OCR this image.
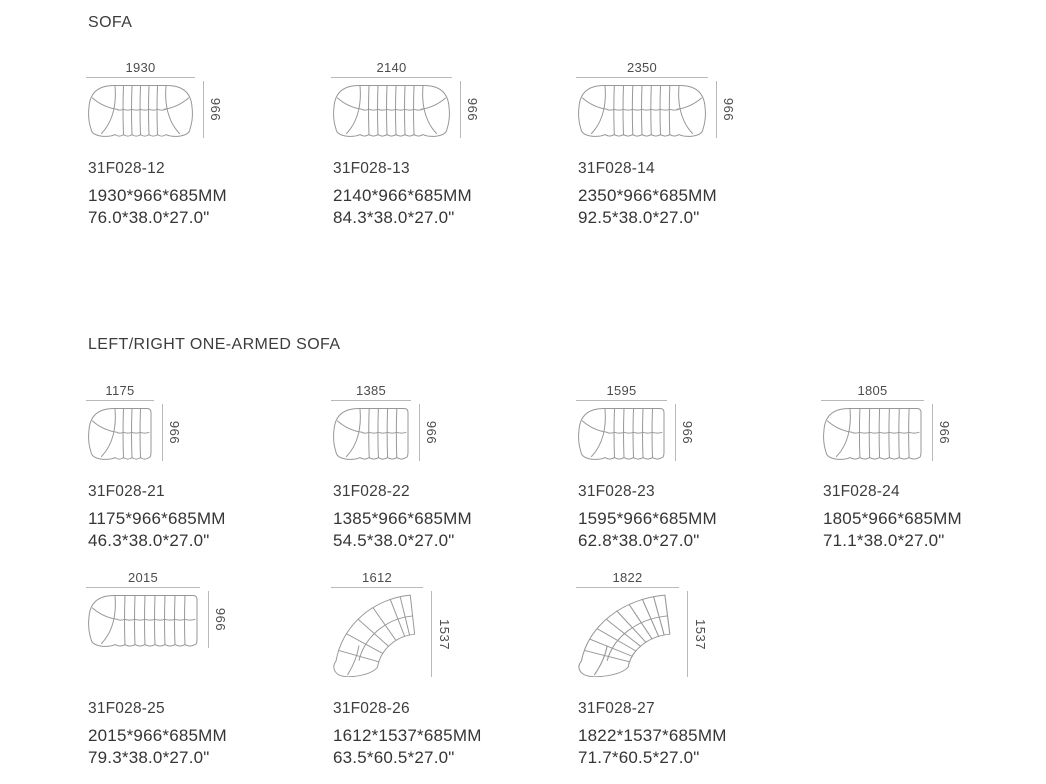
SOFA
1930
966
31F028-12
1930*966*685MM
76.0*38.0*27.0"
2140
966
31F028-13
2140*966*685MM
84.3*38.0*27.0"
2350
966
31F028-14
2350*966*685MM
92.5*38.0*27.0"
LEFT/RIGHT ONE-ARMED SOFA
1175
966
31F028-21
1175*966*685MM
46.3*38.0*27.0"
1385
966
31F028-22
1385*966*685MM
54.5*38.0*27.0"
1595
966
31F028-23
1595*966*685MM
62.8*38.0*27.0"
1805
966
31F028-24
1805*966*685MM
71.1*38.0*27.0"
2015
966
31F028-25
2015*966*685MM
79.3*38.0*27.0"
1612
1537
31F028-26
1612*1537*685MM
63.5*60.5*27.0"
1822
1537
31F028-27
1822*1537*685MM
71.7*60.5*27.0"
